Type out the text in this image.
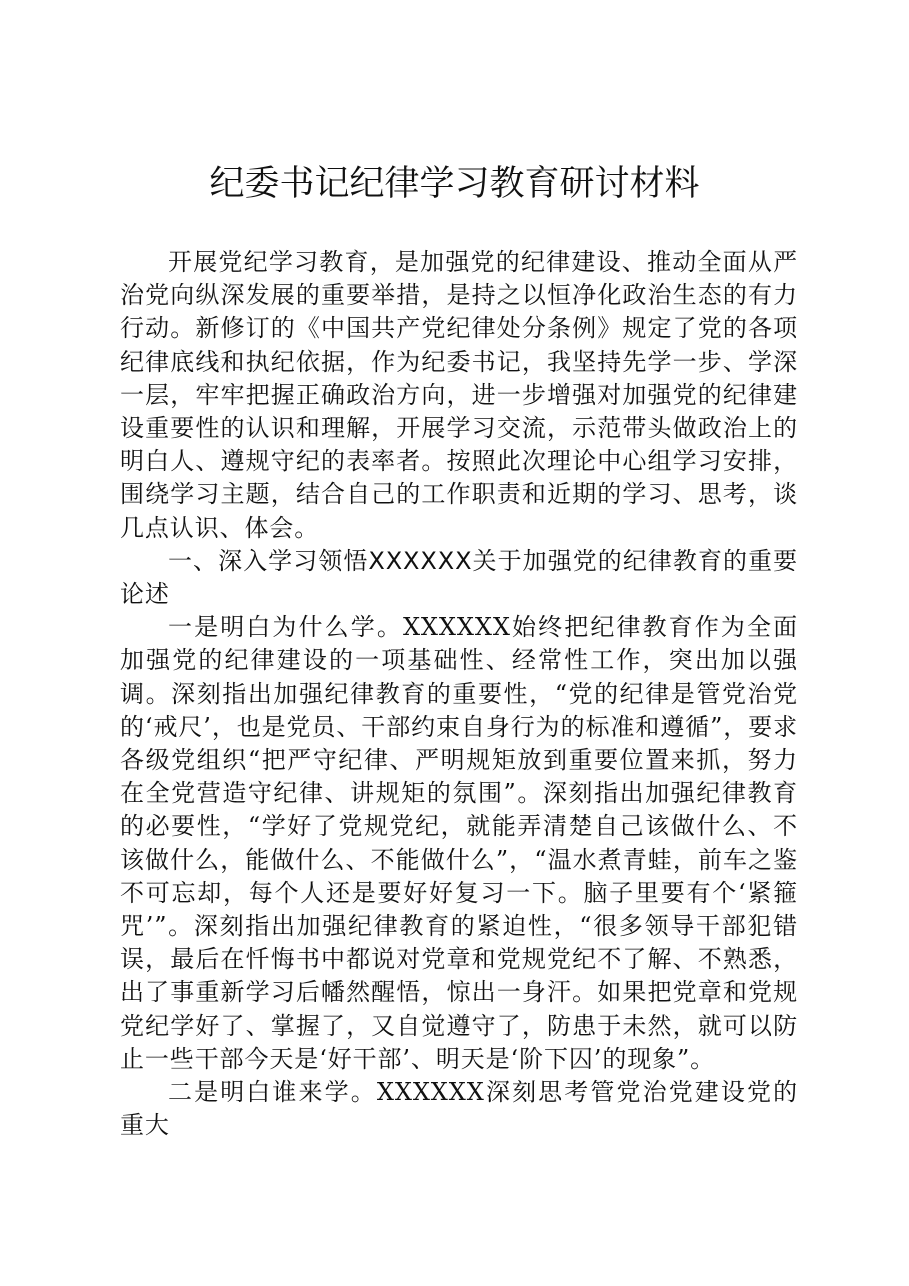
纪委书记纪律学习教育研讨材料

开展党纪学习教育，是加强党的纪律建设、推动全面从严治党向纵深发展的重要举措，是持之以恒净化政治生态的有力行动。新修订的《中国共产党纪律处分条例》规定了党的各项纪律底线和执纪依据，作为纪委书记，我坚持先学一步、学深一层，牢牢把握正确政治方向，进一步增强对加强党的纪律建设重要性的认识和理解，开展学习交流，示范带头做政治上的明白人、遵规守纪的表率者。按照此次理论中心组学习安排，围绕学习主题，结合自己的工作职责和近期的学习、思考，谈几点认识、体会。

一、深入学习领悟XXXXXX关于加强党的纪律教育的重要论述

一是明白为什么学。XXXXXX始终把纪律教育作为全面加强党的纪律建设的一项基础性、经常性工作，突出加以强调。深刻指出加强纪律教育的重要性，“党的纪律是管党治党的‘戒尺’，也是党员、干部约束自身行为的标准和遵循”，要求各级党组织“把严守纪律、严明规矩放到重要位置来抓，努力在全党营造守纪律、讲规矩的氛围”。深刻指出加强纪律教育的必要性，“学好了党规党纪，就能弄清楚自己该做什么、不该做什么，能做什么、不能做什么”，“温水煮青蛙，前车之鉴不可忘却，每个人还是要好好复习一下。脑子里要有个‘紧箍咒’”。深刻指出加强纪律教育的紧迫性，“很多领导干部犯错误，最后在忏悔书中都说对党章和党规党纪不了解、不熟悉，出了事重新学习后幡然醒悟，惊出一身汗。如果把党章和党规党纪学好了、掌握了，又自觉遵守了，防患于未然，就可以防止一些干部今天是‘好干部’、明天是‘阶下囚’的现象”。

二是明白谁来学。XXXXXX深刻思考管党治党建设党的重大
